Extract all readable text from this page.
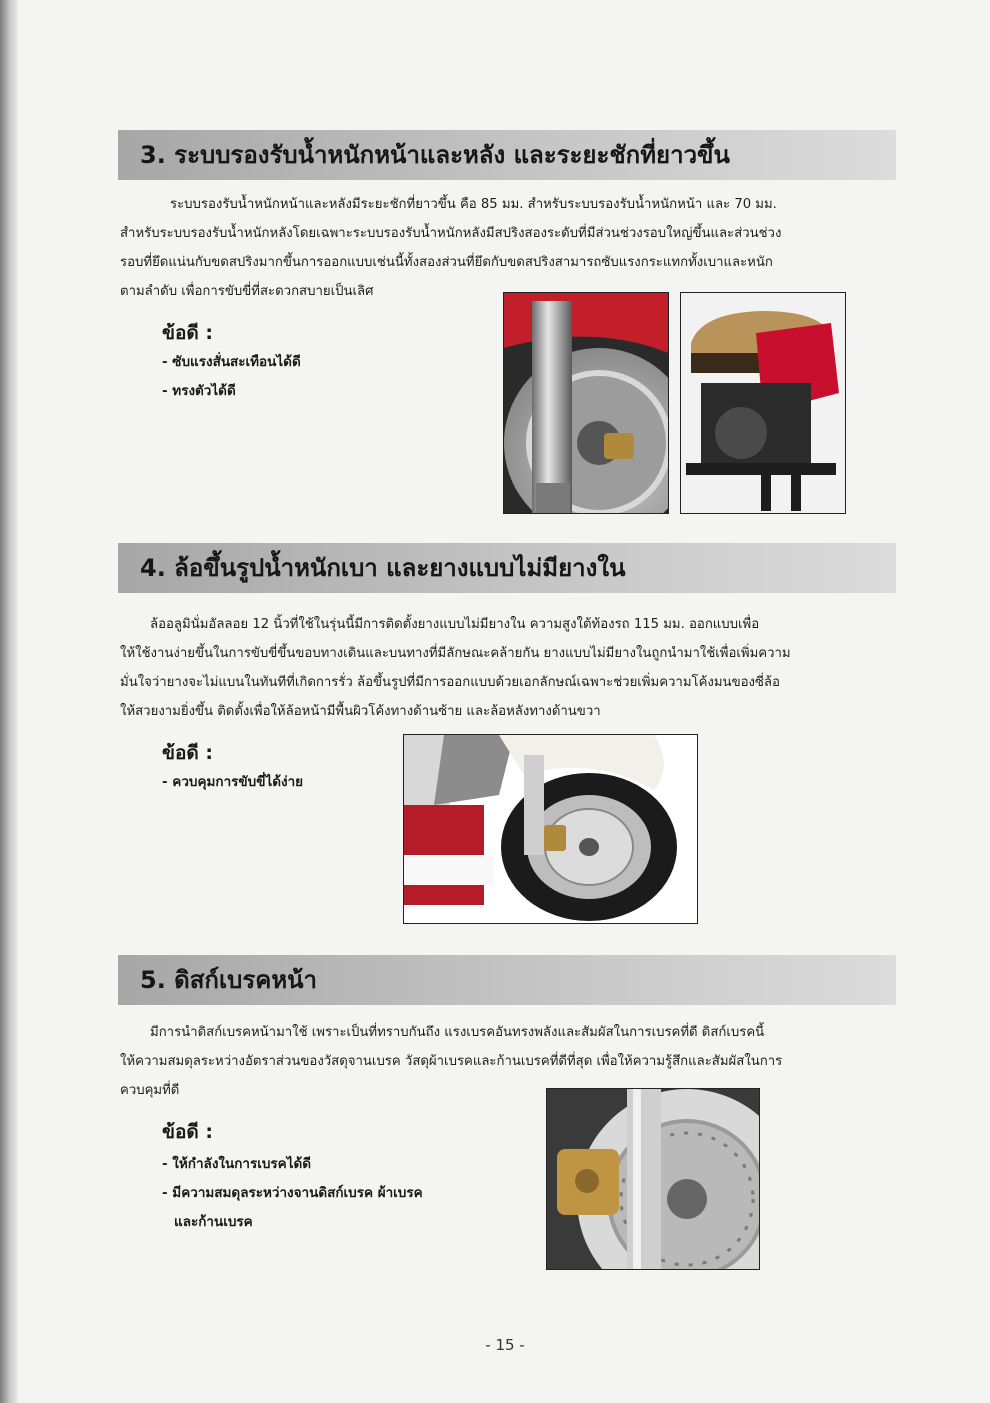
3. ระบบรองรับน้ำหนักหน้าและหลัง และระยะชักที่ยาวขึ้น
ระบบรองรับน้ำหนักหน้าและหลังมีระยะชักที่ยาวขึ้น คือ 85 มม. สำหรับระบบรองรับน้ำหนักหน้า และ 70 มม.
สำหรับระบบรองรับน้ำหนักหลังโดยเฉพาะระบบรองรับน้ำหนักหลังมีสปริงสองระดับที่มีส่วนช่วงรอบใหญ่ขึ้นและส่วนช่วง
รอบที่ยึดแน่นกับขดสปริงมากขึ้นการออกแบบเช่นนี้ทั้งสองส่วนที่ยึดกับขดสปริงสามารถซับแรงกระแทกทั้งเบาและหนัก
ตามลำดับ เพื่อการขับขี่ที่สะดวกสบายเป็นเลิศ
ข้อดี :
- ซับแรงสั่นสะเทือนได้ดี
- ทรงตัวได้ดี
4. ล้อขึ้นรูปน้ำหนักเบา และยางแบบไม่มียางใน
ล้ออลูมินั่มอัลลอย 12 นิ้วที่ใช้ในรุ่นนี้มีการติดตั้งยางแบบไม่มียางใน ความสูงใต้ท้องรถ 115 มม. ออกแบบเพื่อ
ให้ใช้งานง่ายขึ้นในการขับขี่ขึ้นขอบทางเดินและบนทางที่มีลักษณะคล้ายกัน ยางแบบไม่มียางในถูกนำมาใช้เพื่อเพิ่มความ
มั่นใจว่ายางจะไม่แบนในทันทีที่เกิดการรั่ว ล้อขึ้นรูปที่มีการออกแบบด้วยเอกลักษณ์เฉพาะช่วยเพิ่มความโค้งมนของซี่ล้อ
ให้สวยงามยิ่งขึ้น ติดตั้งเพื่อให้ล้อหน้ามีพื้นผิวโค้งทางด้านซ้าย และล้อหลังทางด้านขวา
ข้อดี :
- ควบคุมการขับขี่ได้ง่าย
5. ดิสก์เบรคหน้า
มีการนำดิสก์เบรคหน้ามาใช้ เพราะเป็นที่ทราบกันถึง แรงเบรคอันทรงพลังและสัมผัสในการเบรคที่ดี ดิสก์เบรคนี้
ให้ความสมดุลระหว่างอัตราส่วนของวัสดุจานเบรค วัสดุผ้าเบรคและก้านเบรคที่ดีที่สุด เพื่อให้ความรู้สึกและสัมผัสในการ
ควบคุมที่ดี
ข้อดี :
- ให้กำลังในการเบรคได้ดี
- มีความสมดุลระหว่างจานดิสก์เบรค ผ้าเบรค
และก้านเบรค
- 15 -
